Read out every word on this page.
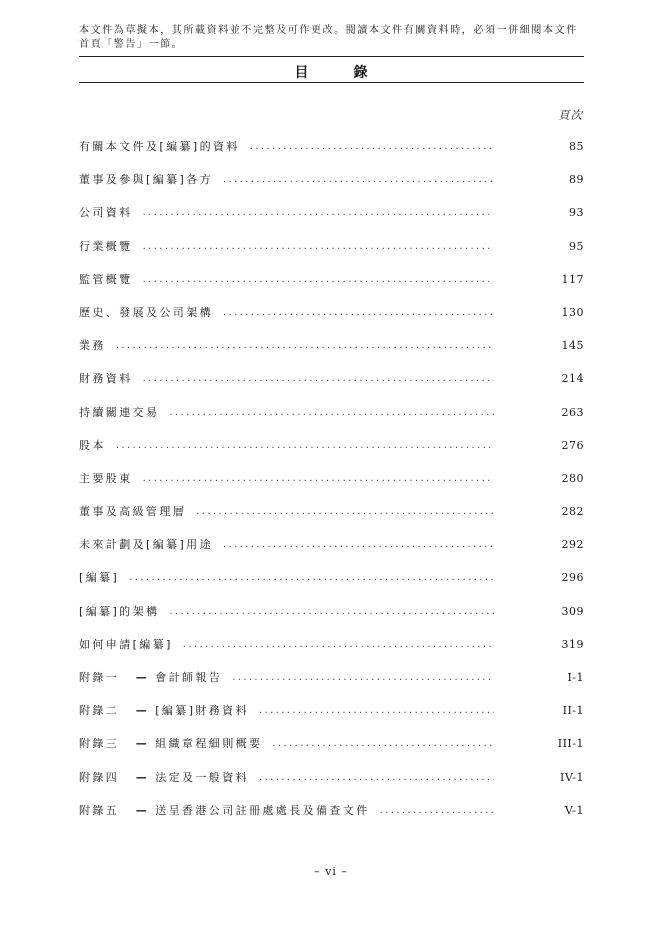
本文件為草擬本，其所載資料並不完整及可作更改。閱讀本文件有關資料時，必須一併細閱本文件首頁「警告」一節。
目	錄
頁次
有關本文件及[編纂]的資料 . . .	85
董事及參與[編纂]各方 . . .	89
公司資料 . . .	93
行業概覽 . . .	95
監管概覽 . . .	117
歷史、發展及公司架構 . . .	130
業務 . . .	145
財務資料 . . .	214
持續關連交易 . . .	263
股本 . . .	276
主要股東 . . .	280
董事及高級管理層 . . .	282
未來計劃及[編纂]用途 . . .	292
[編纂] . . .	296
[編纂]的架構 . . .	309
如何申請[編纂] . . .	319
附錄一	— 會計師報告 . . .	I-1
附錄二	— [編纂]財務資料 . . .	II-1
附錄三	— 組織章程細則概要 . . .	III-1
附錄四	— 法定及一般資料 . . .	IV-1
附錄五	— 送呈香港公司註冊處處長及備查文件 . . .	V-1
– vi –
